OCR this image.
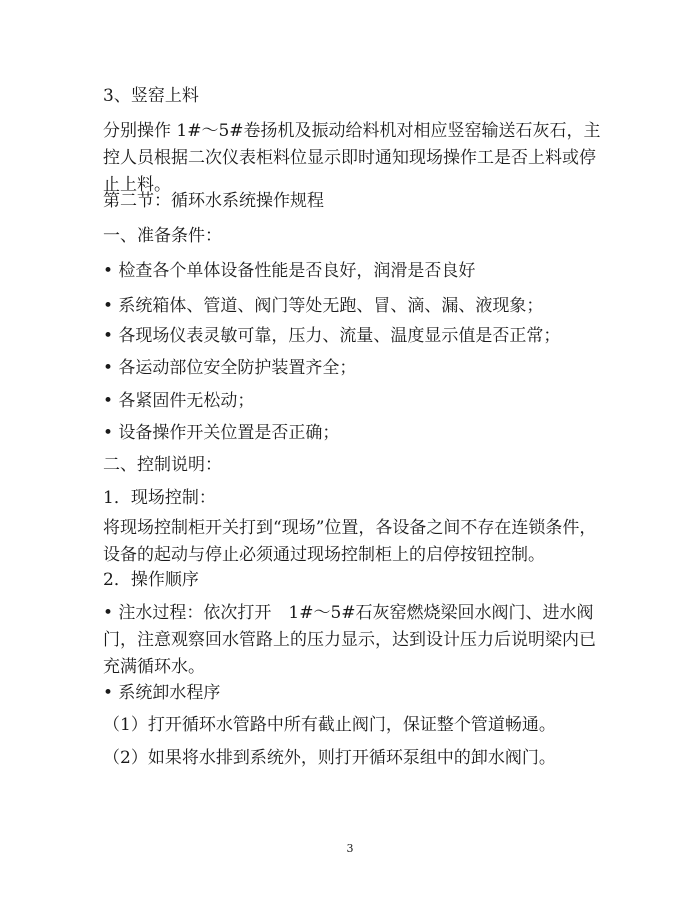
3、竖窑上料
分别操作 1#～5#卷扬机及振动给料机对相应竖窑输送石灰石，主控人员根据二次仪表柜料位显示即时通知现场操作工是否上料或停止上料。
第二节：循环水系统操作规程
一、准备条件：
• 检查各个单体设备性能是否良好，润滑是否良好
• 系统箱体、管道、阀门等处无跑、冒、滴、漏、液现象；
• 各现场仪表灵敏可靠，压力、流量、温度显示值是否正常；
• 各运动部位安全防护装置齐全；
• 各紧固件无松动；
• 设备操作开关位置是否正确；
二、控制说明：
1．现场控制：
将现场控制柜开关打到“现场”位置，各设备之间不存在连锁条件，设备的起动与停止必须通过现场控制柜上的启停按钮控制。
2．操作顺序
• 注水过程：依次打开　1#～5#石灰窑燃烧梁回水阀门、进水阀门，注意观察回水管路上的压力显示，达到设计压力后说明梁内已充满循环水。
• 系统卸水程序
（1）打开循环水管路中所有截止阀门，保证整个管道畅通。
（2）如果将水排到系统外，则打开循环泵组中的卸水阀门。
3
